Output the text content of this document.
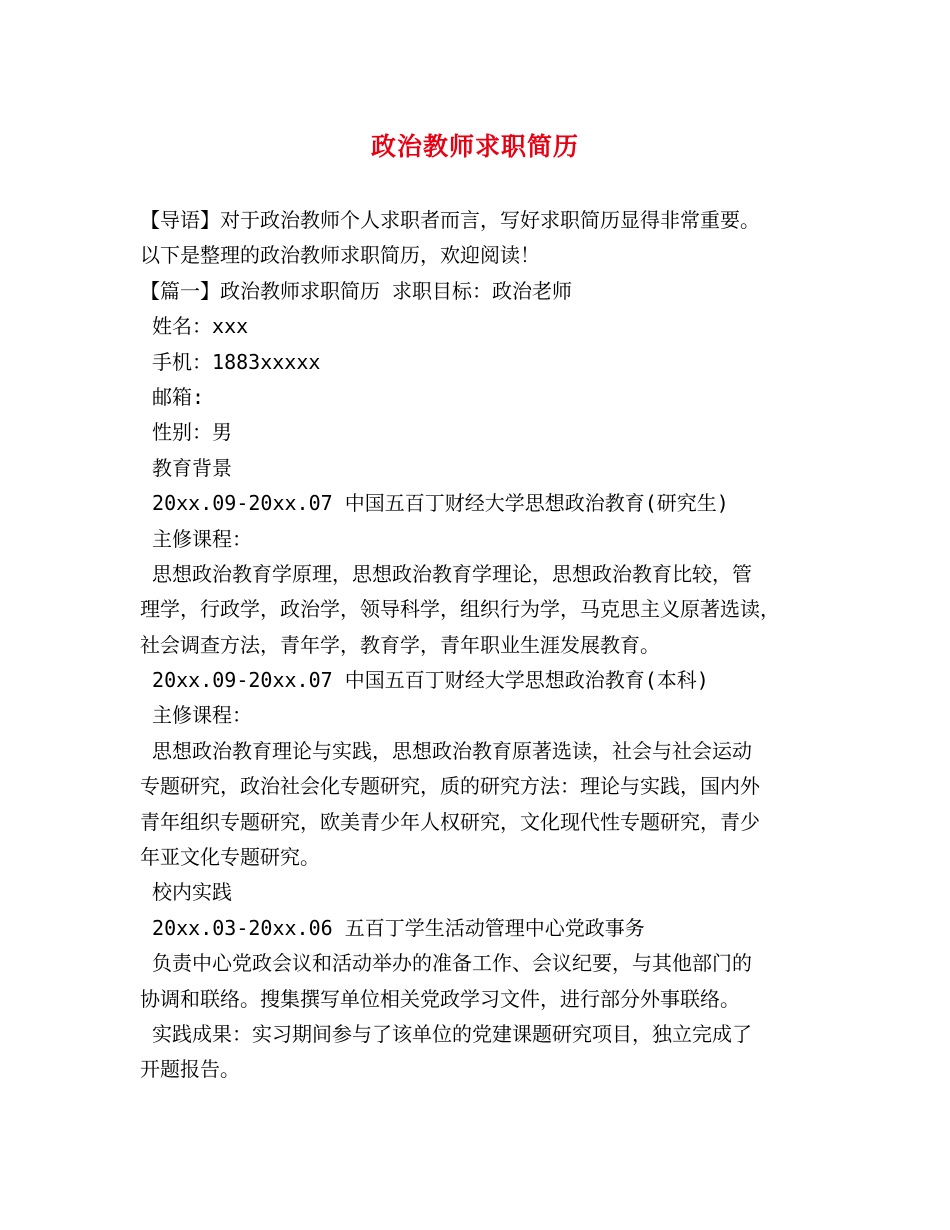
政治教师求职简历
【导语】对于政治教师个人求职者而言，写好求职简历显得非常重要。
以下是整理的政治教师求职简历，欢迎阅读！
【篇一】政治教师求职简历 求职目标：政治老师
姓名：xxx
手机：1883xxxxx
邮箱:
性别：男
教育背景
20xx.09-20xx.07 中国五百丁财经大学思想政治教育(研究生)
主修课程：
思想政治教育学原理，思想政治教育学理论，思想政治教育比较，管
理学，行政学，政治学，领导科学，组织行为学，马克思主义原著选读，
社会调查方法，青年学，教育学，青年职业生涯发展教育。
20xx.09-20xx.07 中国五百丁财经大学思想政治教育(本科)
主修课程：
思想政治教育理论与实践，思想政治教育原著选读，社会与社会运动
专题研究，政治社会化专题研究，质的研究方法：理论与实践，国内外
青年组织专题研究，欧美青少年人权研究，文化现代性专题研究，青少
年亚文化专题研究。
校内实践
20xx.03-20xx.06 五百丁学生活动管理中心党政事务
负责中心党政会议和活动举办的准备工作、会议纪要，与其他部门的
协调和联络。搜集撰写单位相关党政学习文件，进行部分外事联络。
实践成果：实习期间参与了该单位的党建课题研究项目，独立完成了
开题报告。
